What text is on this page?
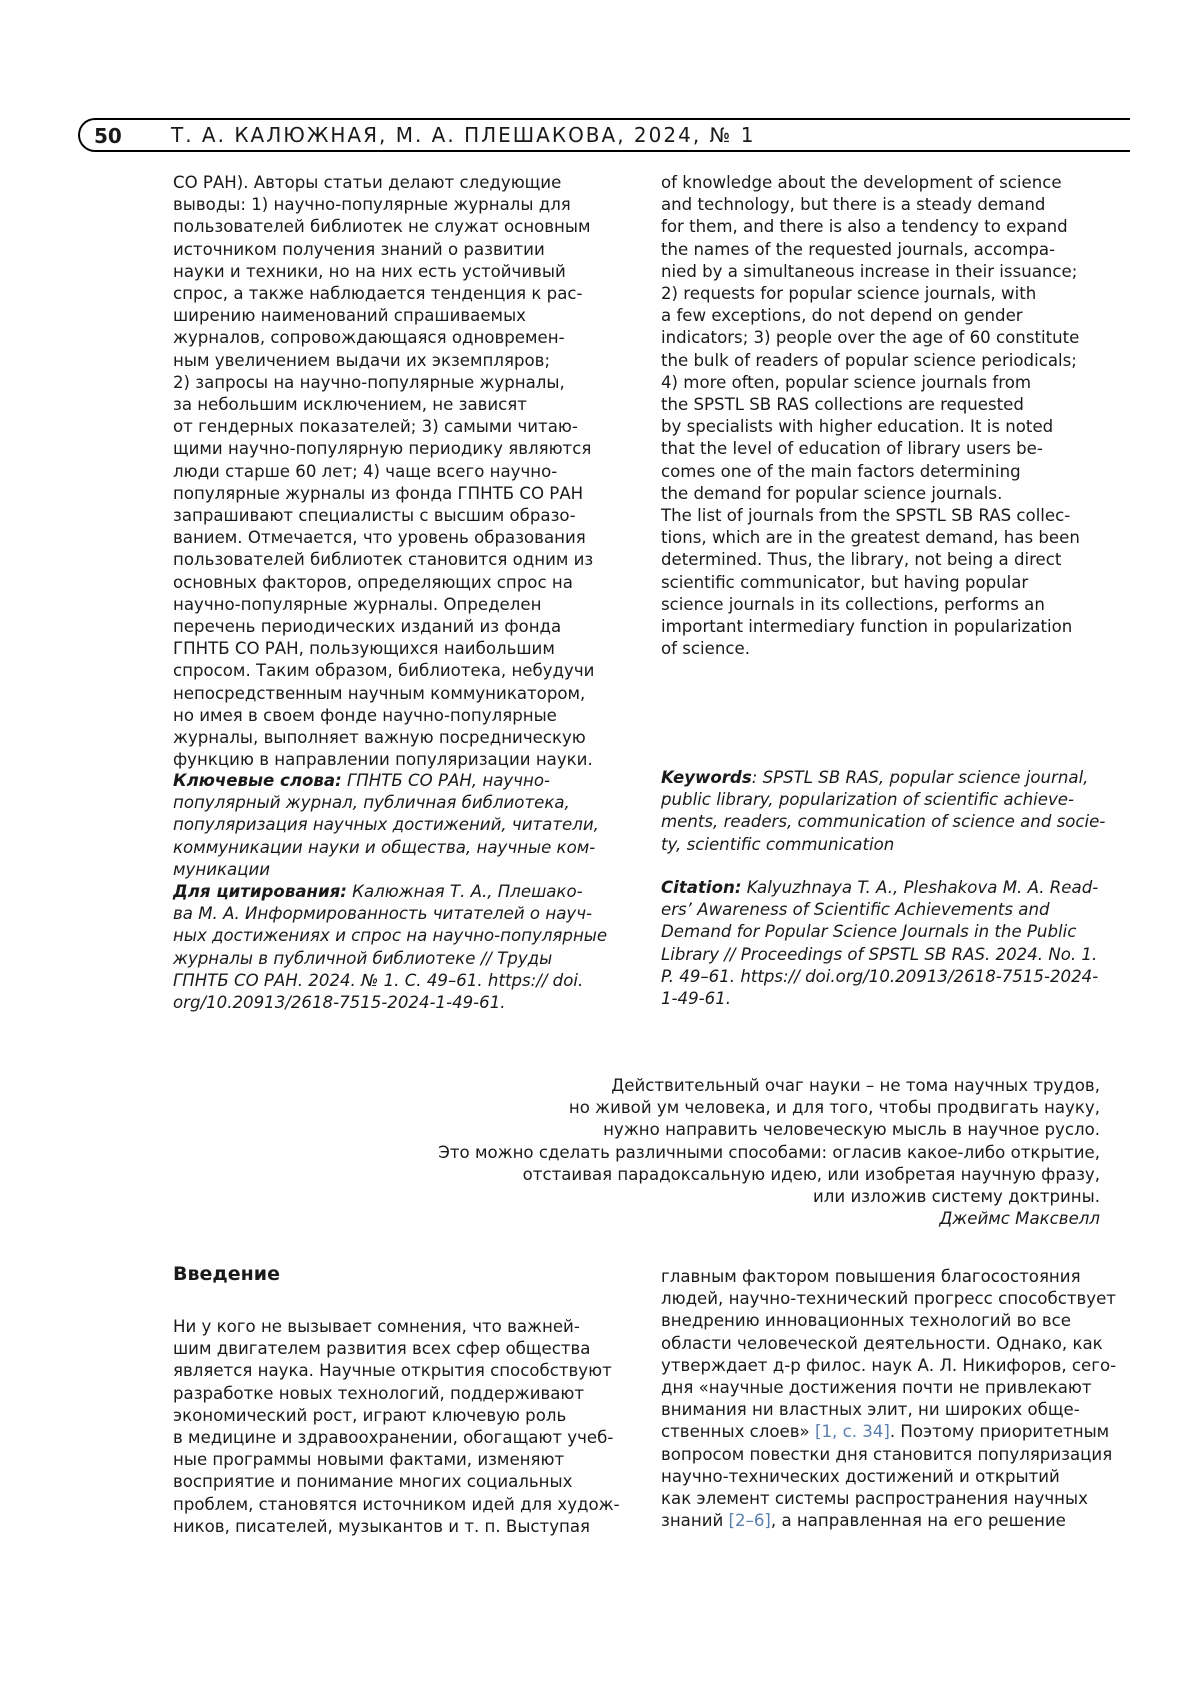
50 Т. А. КАЛЮЖНАЯ, М. А. ПЛЕШАКОВА, 2024, № 1
СО РАН). Авторы статьи делают следующие
выводы: 1) научно-популярные журналы для
пользователей библиотек не служат основным
источником получения знаний о развитии
науки и техники, но на них есть устойчивый
спрос, а также наблюдается тенденция к рас-
ширению наименований спрашиваемых
журналов, сопровождающаяся одновремен-
ным увеличением выдачи их экземпляров;
2) запросы на научно-популярные журналы,
за небольшим исключением, не зависят
от гендерных показателей; 3) самыми читаю-
щими научно-популярную периодику являются
люди старше 60 лет; 4) чаще всего научно-
популярные журналы из фонда ГПНТБ СО РАН
запрашивают специалисты с высшим образо-
ванием. Отмечается, что уровень образования
пользователей библиотек становится одним из
основных факторов, определяющих спрос на
научно-популярные журналы. Определен
перечень периодических изданий из фонда
ГПНТБ СО РАН, пользующихся наибольшим
спросом. Таким образом, библиотека, небудучи
непосредственным научным коммуникатором,
но имея в своем фонде научно-популярные
журналы, выполняет важную посредническую
функцию в направлении популяризации науки.
Ключевые слова: ГПНТБ СО РАН, научно-
популярный журнал, публичная библиотека,
популяризация научных достижений, читатели,
коммуникации науки и общества, научные ком-
муникации
Для цитирования: Калюжная Т. А., Плешако-
ва М. А. Информированность читателей о науч-
ных достижениях и спрос на научно-популярные
журналы в публичной библиотеке // Труды
ГПНТБ СО РАН. 2024. № 1. С. 49–61. https:// doi.
org/10.20913/2618-7515-2024-1-49-61.
of knowledge about the development of science
and technology, but there is a steady demand
for them, and there is also a tendency to expand
the names of the requested journals, accompa-
nied by a simultaneous increase in their issuance;
2) requests for popular science journals, with
a few exceptions, do not depend on gender
indicators; 3) people over the age of 60 constitute
the bulk of readers of popular science periodicals;
4) more often, popular science journals from
the SPSTL SB RAS collections are requested
by specialists with higher education. It is noted
that the level of education of library users be-
comes one of the main factors determining
the demand for popular science journals.
The list of journals from the SPSTL SB RAS collec-
tions, which are in the greatest demand, has been
determined. Thus, the library, not being a direct
scientific communicator, but having popular
science journals in its collections, performs an
important intermediary function in popularization
of science.
Keywords: SPSTL SB RAS, popular science journal,
public library, popularization of scientific achieve-
ments, readers, communication of science and socie-
ty, scientific communication
Citation: Kalyuzhnaya T. A., Pleshakova M. A. Read-
ers’ Awareness of Scientific Achievements and
Demand for Popular Science Journals in the Public
Library // Proceedings of SPSTL SB RAS. 2024. No. 1.
P. 49–61. https:// doi.org/10.20913/2618-7515-2024-
1-49-61.
Действительный очаг науки – не тома научных трудов,
но живой ум человека, и для того, чтобы продвигать науку,
нужно направить человеческую мысль в научное русло.
Это можно сделать различными способами: огласив какое-либо открытие,
отстаивая парадоксальную идею, или изобретая научную фразу,
или изложив систему доктрины.
Джеймс Максвелл
Введение
Ни у кого не вызывает сомнения, что важней-
шим двигателем развития всех сфер общества
является наука. Научные открытия способствуют
разработке новых технологий, поддерживают
экономический рост, играют ключевую роль
в медицине и здравоохранении, обогащают учеб-
ные программы новыми фактами, изменяют
восприятие и понимание многих социальных
проблем, становятся источником идей для худож-
ников, писателей, музыкантов и т. п. Выступая
главным фактором повышения благосостояния
людей, научно-технический прогресс способствует
внедрению инновационных технологий во все
области человеческой деятельности. Однако, как
утверждает д-р филос. наук А. Л. Никифоров, сего-
дня «научные достижения почти не привлекают
внимания ни властных элит, ни широких обще-
ственных слоев» [1, с. 34]. Поэтому приоритетным
вопросом повестки дня становится популяризация
научно-технических достижений и открытий
как элемент системы распространения научных
знаний [2–6], а направленная на его решение
